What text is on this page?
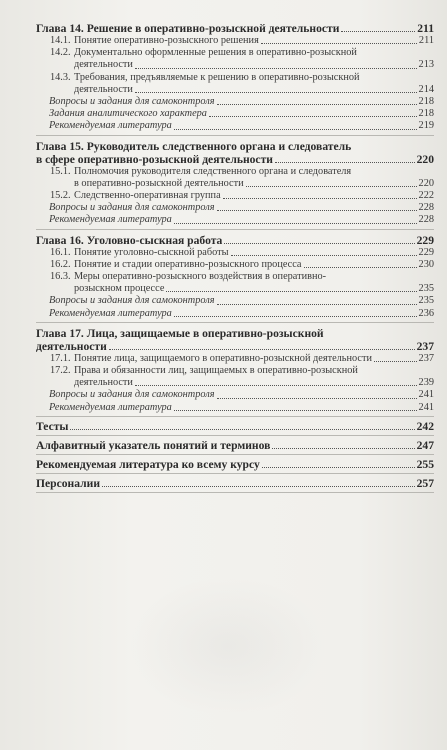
Глава 14. Решение в оперативно-розыскной деятельности	211
14.1. Понятие оперативно-розыскного решения	211
14.2. Документально оформленные решения в оперативно-розыскной
деятельности	213
14.3. Требования, предъявляемые к решению в оперативно-розыскной
деятельности	214
Вопросы и задания для самоконтроля	218
Задания аналитического характера	218
Рекомендуемая литература	219
Глава 15. Руководитель следственного органа и следователь
в сфере оперативно-розыскной деятельности	220
15.1. Полномочия руководителя следственного органа и следователя
в оперативно-розыскной деятельности	220
15.2. Следственно-оперативная группа	222
Вопросы и задания для самоконтроля	228
Рекомендуемая литература	228
Глава 16. Уголовно-сыскная работа	229
16.1. Понятие уголовно-сыскной работы	229
16.2. Понятие и стадии оперативно-розыскного процесса	230
16.3. Меры оперативно-розыскного воздействия в оперативно-
розыскном процессе	235
Вопросы и задания для самоконтроля	235
Рекомендуемая литература	236
Глава 17. Лица, защищаемые в оперативно-розыскной
деятельности	237
17.1. Понятие лица, защищаемого в оперативно-розыскной деятельности	237
17.2. Права и обязанности лиц, защищаемых в оперативно-розыскной
деятельности	239
Вопросы и задания для самоконтроля	241
Рекомендуемая литература	241
Тесты	242
Алфавитный указатель понятий и терминов	247
Рекомендуемая литература ко всему курсу	255
Персоналии	257
